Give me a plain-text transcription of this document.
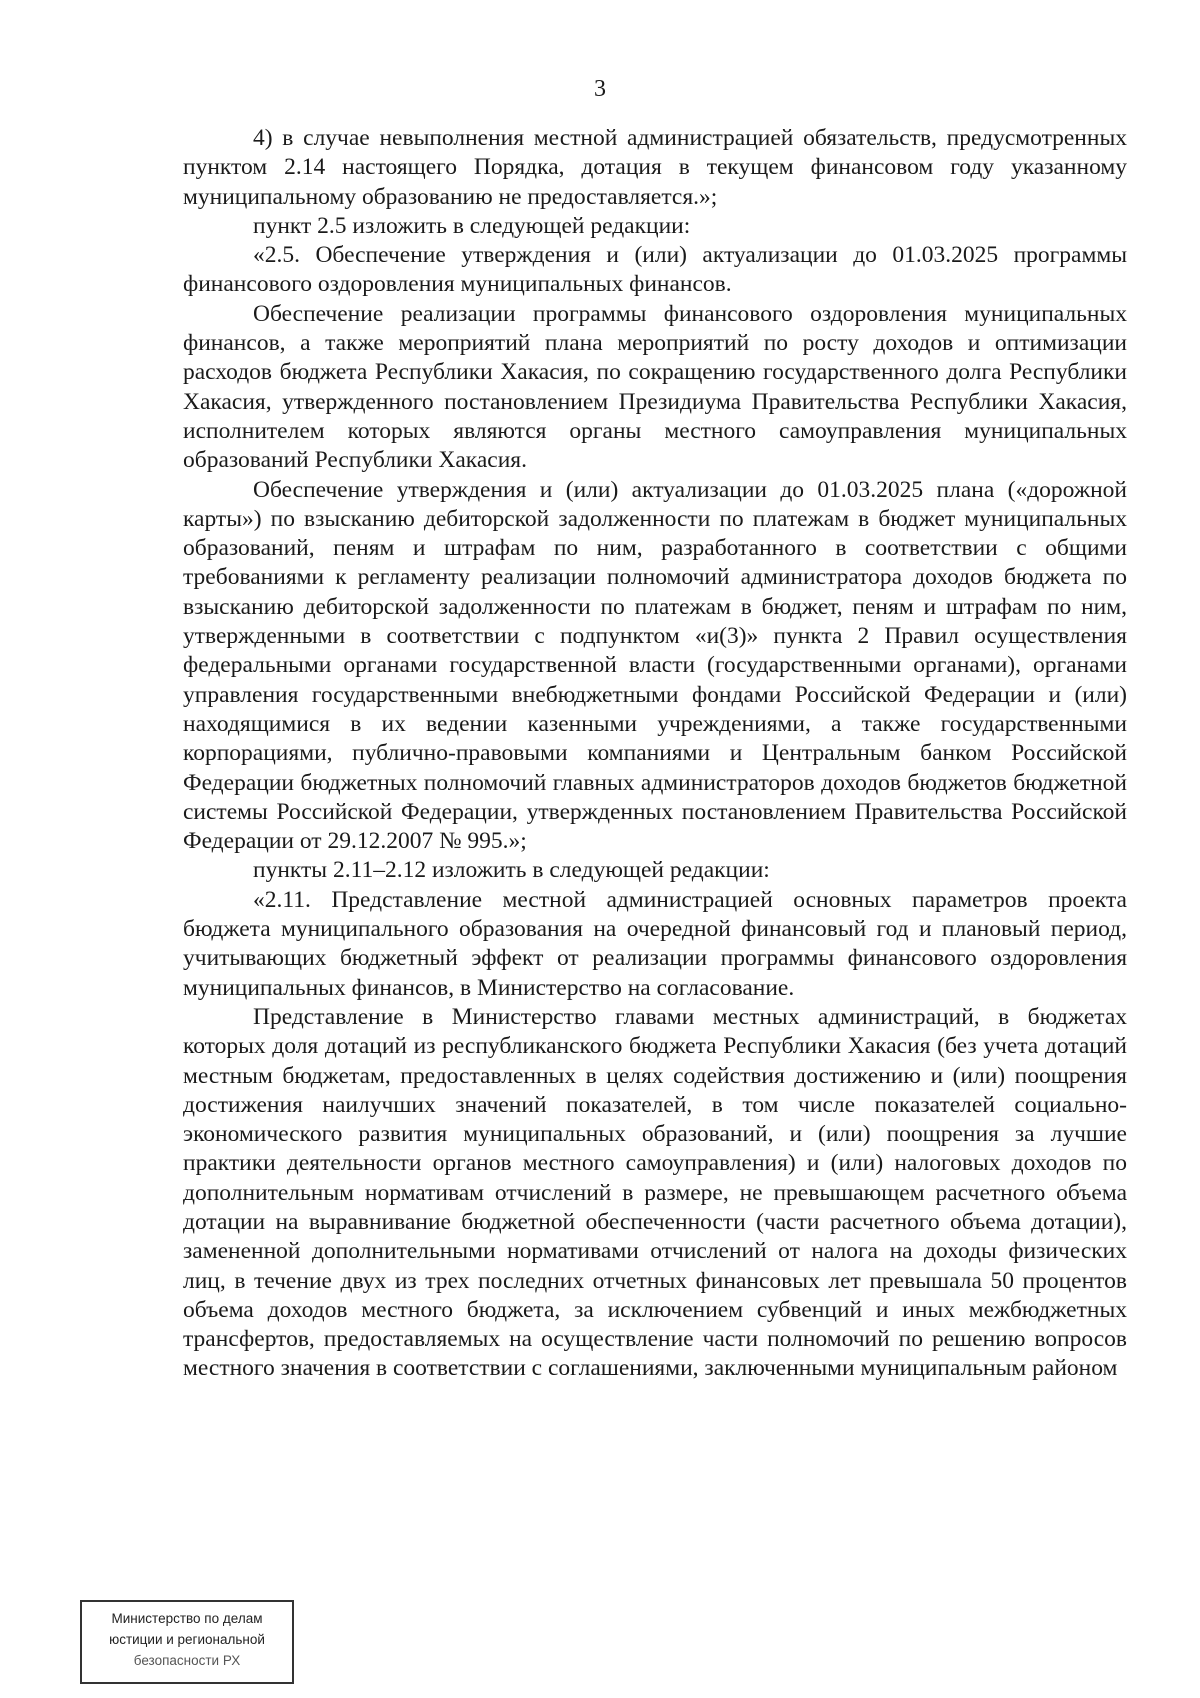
3

4) в случае невыполнения местной администрацией обязательств, предусмотренных пунктом 2.14 настоящего Порядка, дотация в текущем финансовом году указанному муниципальному образованию не предоставляется.»;

пункт 2.5 изложить в следующей редакции:

«2.5. Обеспечение утверждения и (или) актуализации до 01.03.2025 программы финансового оздоровления муниципальных финансов.

Обеспечение реализации программы финансового оздоровления муниципальных финансов, а также мероприятий плана мероприятий по росту доходов и оптимизации расходов бюджета Республики Хакасия, по сокращению государственного долга Республики Хакасия, утвержденного постановлением Президиума Правительства Республики Хакасия, исполнителем которых являются органы местного самоуправления муниципальных образований Республики Хакасия.

Обеспечение утверждения и (или) актуализации до 01.03.2025 плана («дорожной карты») по взысканию дебиторской задолженности по платежам в бюджет муниципальных образований, пеням и штрафам по ним, разработанного в соответствии с общими требованиями к регламенту реализации полномочий администратора доходов бюджета по взысканию дебиторской задолженности по платежам в бюджет, пеням и штрафам по ним, утвержденными в соответствии с подпунктом «и(3)» пункта 2 Правил осуществления федеральными органами государственной власти (государственными органами), органами управления государственными внебюджетными фондами Российской Федерации и (или) находящимися в их ведении казенными учреждениями, а также государственными корпорациями, публично-правовыми компаниями и Центральным банком Российской Федерации бюджетных полномочий главных администраторов доходов бюджетов бюджетной системы Российской Федерации, утвержденных постановлением Правительства Российской Федерации от 29.12.2007 № 995.»;

пункты 2.11–2.12 изложить в следующей редакции:

«2.11. Представление местной администрацией основных параметров проекта бюджета муниципального образования на очередной финансовый год и плановый период, учитывающих бюджетный эффект от реализации программы финансового оздоровления муниципальных финансов, в Министерство на согласование.

Представление в Министерство главами местных администраций, в бюджетах которых доля дотаций из республиканского бюджета Республики Хакасия (без учета дотаций местным бюджетам, предоставленных в целях содействия достижению и (или) поощрения достижения наилучших значений показателей, в том числе показателей социально-экономического развития муниципальных образований, и (или) поощрения за лучшие практики деятельности органов местного самоуправления) и (или) налоговых доходов по дополнительным нормативам отчислений в размере, не превышающем расчетного объема дотации на выравнивание бюджетной обеспеченности (части расчетного объема дотации), замененной дополнительными нормативами отчислений от налога на доходы физических лиц, в течение двух из трех последних отчетных финансовых лет превышала 50 процентов объема доходов местного бюджета, за исключением субвенций и иных межбюджетных трансфертов, предоставляемых на осуществление части полномочий по решению вопросов местного значения в соответствии с соглашениями, заключенными муниципальным районом

Министерство по делам
юстиции и региональной
безопасности РХ
